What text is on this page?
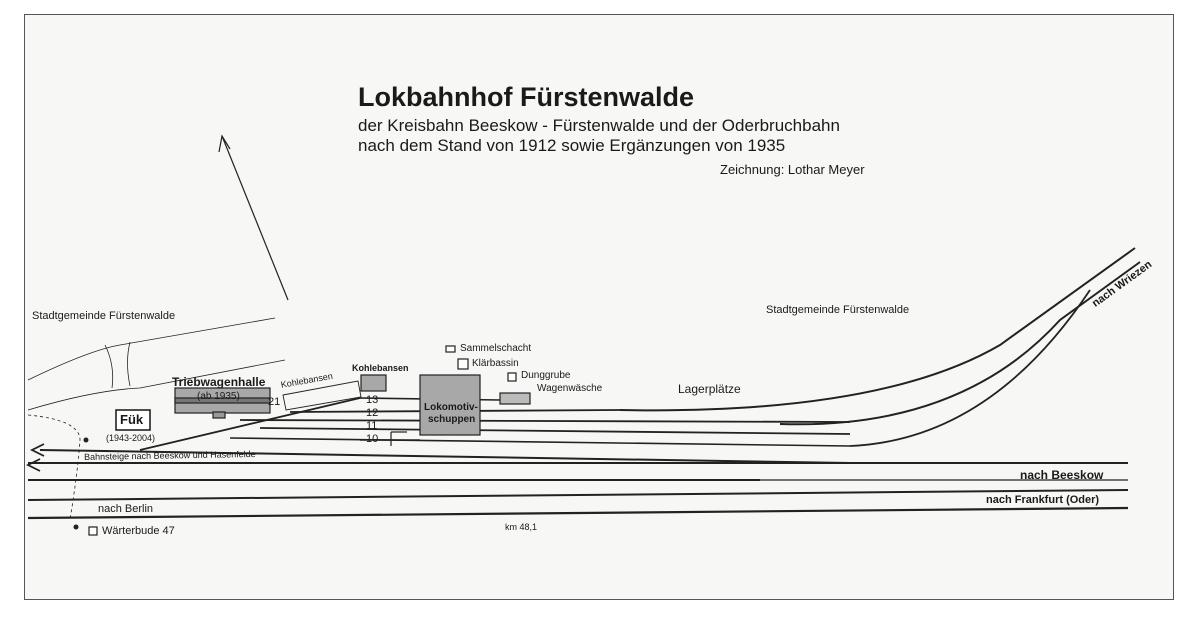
Lokbahnhof Fürstenwalde
der Kreisbahn Beeskow - Fürstenwalde und der Oderbruchbahn
nach dem Stand von 1912 sowie Ergänzungen von 1935
Zeichnung: Lothar Meyer
Stadtgemeinde Fürstenwalde	Stadtgemeinde Fürstenwalde
Triebwagenhalle
(ab 1935)
Fük
(1943-2004)
Kohlebansen
Kohlebansen
Sammelschacht
Klärbassin
Dunggrube
Wagenwäsche
Lokomotiv-
schuppen
Lagerplätze
Wärterbude 47
21	13
12
11
10
Bahnsteige nach Beeskow und Hasenfelde
nach Berlin
nach Beeskow
nach Frankfurt (Oder)
nach Wriezen
km 48,1
